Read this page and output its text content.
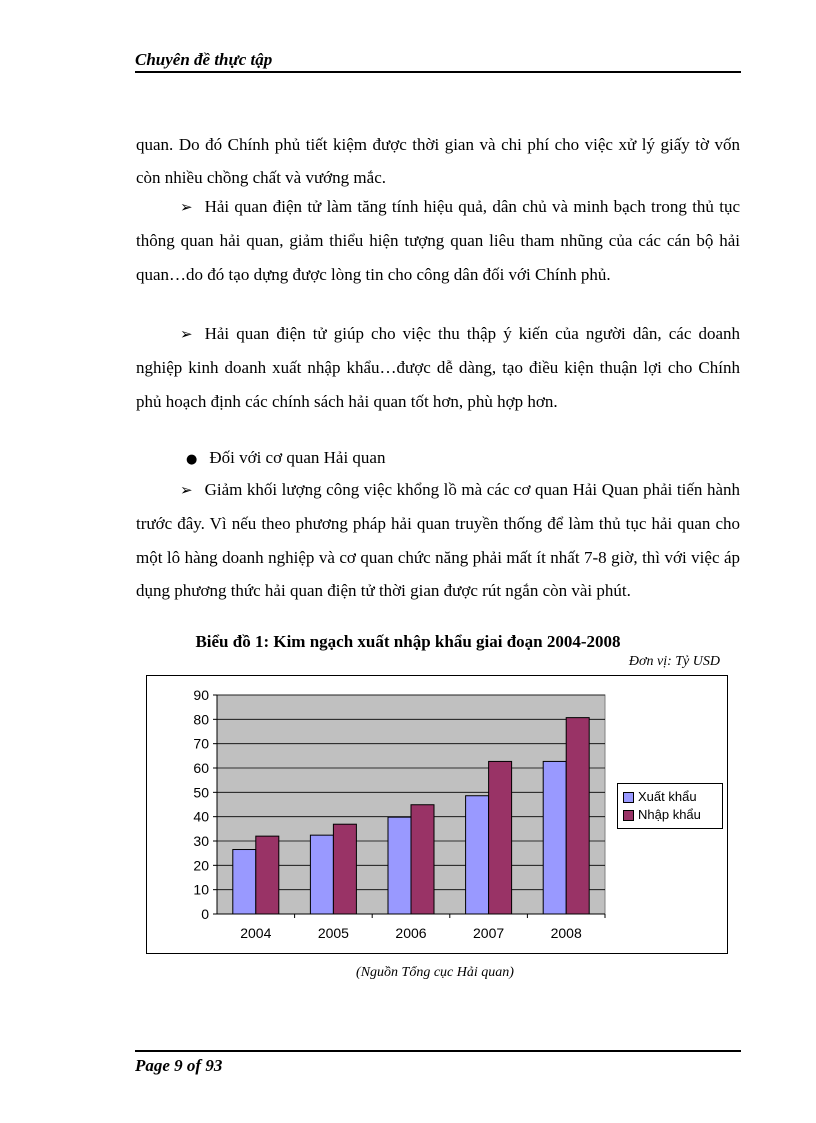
Chuyên đề thực tập

quan. Do đó Chính phủ tiết kiệm được thời gian và chi phí cho việc xử lý giấy tờ vốn còn nhiều chồng chất và vướng mắc.

➢ Hải quan điện tử làm tăng tính hiệu quả, dân chủ và minh bạch trong thủ tục thông quan hải quan, giảm thiểu hiện tượng quan liêu tham nhũng của các cán bộ hải quan…do đó tạo dựng được lòng tin cho công dân đối với Chính phủ.

➢ Hải quan điện tử giúp cho việc thu thập ý kiến của người dân, các doanh nghiệp kinh doanh xuất nhập khẩu…được dễ dàng, tạo điều kiện thuận lợi cho Chính phủ hoạch định các chính sách hải quan tốt hơn, phù hợp hơn.

● Đối với cơ quan Hải quan

➢ Giảm khối lượng công việc khổng lồ mà các cơ quan Hải Quan phải tiến hành trước đây. Vì nếu theo phương pháp hải quan truyền thống để làm thủ tục hải quan cho một lô hàng doanh nghiệp và cơ quan chức năng phải mất ít nhất 7-8 giờ, thì với việc áp dụng phương thức hải quan điện tử thời gian được rút ngắn còn vài phút.

Biểu đồ 1: Kim ngạch xuất nhập khẩu giai đoạn 2004-2008
Đơn vị: Tỷ USD
0
10
20
30
40
50
60
70
80
90
2004	2005	2006	2007	2008
Xuất khẩu
Nhập khẩu
(Nguồn Tổng cục Hải quan)
Page 9 of 93
